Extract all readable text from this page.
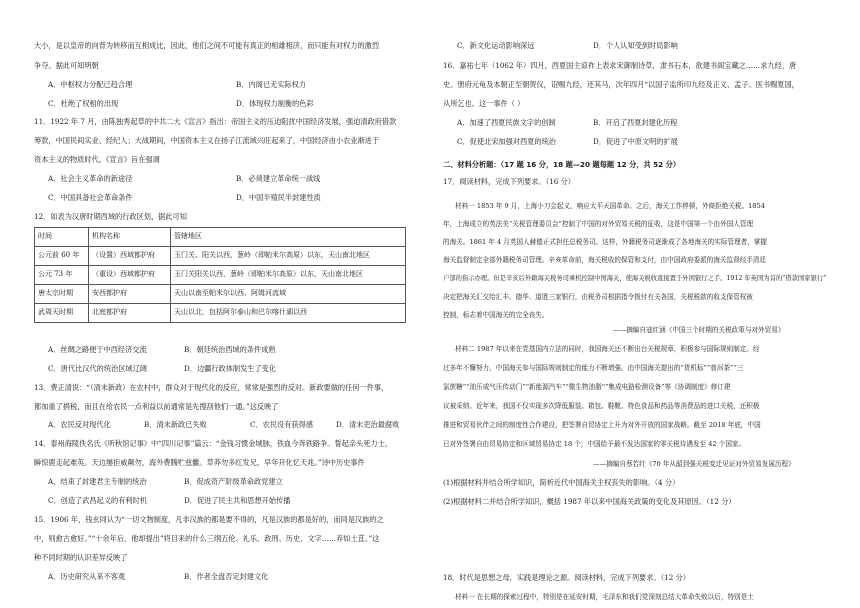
大小，是以皇帝的向背为转移而互相成比，因此，他们之间不可能有真正的相雄相济，而只能有对权力的激烈
争夺。据此可知明朝
A．中枢权力分配已趋合理	B．内阁已无实际权力
C．杜绝了权相的出现	D．体现权力制衡的色彩
11．1922 年 7 月，由陈独秀起草的中共二大《宣言》指出：帝国主义的压迫阻扰中国经济发展，强迫清政府借款
筹款，中国民间实业、经纪人；大战期间，中国资本主义在扬子江流域兴旺起来了，中国经济由小农业渐进于
资本主义的物质时代。《宣言》旨在强调
A．社会主义革命的新途径	B．必须建立革命统一战线
C．中国具备社会革命条件	D．中国半殖民半封建性质
12．如表为汉唐时期西域的行政区划，据此可知
时间	机构名称	管辖地区
公元前 60 年	（设置）西域都护府	玉门关、阳关以西，葱岭（即帕米尔高原）以东，天山南北地区
公元 73 年	（重设）西域都护府	玉门关阳关以西，葱岭（即帕米尔高原）以东，天山南北地区
唐太宗时期	安西都护府	天山以南至帕米尔以西、阿姆河流域
武周天时期	北庭都护府	天山以北，包括阿尔泰山和巴尔喀什湖以西
A．丝绸之路便于中西经济交流	B．朝廷统治西域的条件成熟
C．唐代比汉代的统治区域辽阔	D．边疆行政体制发生了变化
13．费正清说：“（清末新政）在农村中，群众对于现代化的反应，常常是强烈的反对。新政要做的任何一件事，
都加重了捐税，而且在给农民一点利益以前通常是先搜刮他们一通。”这反映了
A．农民反对现代化	B．清末新政已失败	C．农民没有获得感	D．清末吏治最腐败
14．泰州海陵佚名氏《听秋馆记事》中“四川记事”篇云：“金钱习惯金城脉，铁血今奔铁路争。誓起亲头死力士，
瞬惊鹿走起难英。天边屡拒威颠勿，海外费腾贮兹雠。草莽勿多红发兄，早年开化忆天兆。”诗中历史事件
A．结束了封建君主专制的统治	B．促成资产阶级革命政党建立
C．创造了武昌起义的有利时机	D．促进了民主共和思想开始传播
15．1906 年，钱玄同认为“一切文物制度，凡非汉族的都是要不得的，凡是汉族的都是好的，而同是汉族的之
中，则愈古愈好。”“十余年后，他却提出”将目来的什么三纲五伦、礼乐、政刑、历史、文字……弃如土苴。”这
种不同时期的认识差异反映了
A．历史研究从来不客观	B．作者全盘否定封建文化
C．新文化运动影响深远	D．个人认知受到时局影响
16．嘉祐七年（1062 年）四月，西夏国主谅祚上表求宋御制诗草，隶书石本，欲建书阁宝藏之……求九经、唐
史、册府元龟及本朝正至朝贺仪，诏赐九经，还其马，次年四月“以国子监所印九经及正义、孟子、医书赐夏国，
从所乞也。这一事件（ ）
A．加速了西夏民族文字的创制	B．开启了西夏封建化历程
C．促使北宋加强对西夏的统治	D．促进了中原文明的扩展
二、材料分析题：（17 题 16 分，18 题—20 题每题 12 分，共 52 分）
17．阅读材料，完成下列要求。（16 分）
材料一 1853 年 9 月，上海小刀会起义，响应太平天国革命。之后，海关工作停顿，外商拒绝关税。1854
年，上海成立的英法美“关税管理委员会”控制了中国的对外贸易关税的征收，这是中国第一个由外国人管理
的海关。1861 年 4 月英国人赫德正式担任总税务司。这样，外籍税务司逐渐成了各地海关的实际管理者，掌握
海关监督制定全部外籍税务司管理。辛亥革命前，海关税收的保管和支付，由中国政府委派的海关监督经手清廷
户部的指示办理。但是辛亥后外籍海关税务司乘机控制中国海关，使海关税收直接置于外国银行之手。1912 年英国为首的“借款国家银行”
决定把海关汇交给汇丰、德华、道胜三家银行，由税务司根据指令拨付有关各国，关税税款的收支保管权被
控制，标志着中国海关的完全丧失。
——摘编自寇红涵《中国三个时期的关税政策与对外贸易》
材料二 1987 年以来在党基国内立法的同时，我国海关还不断出台关税规章，积极参与国际规则制定。经
过多年不懈努力，中国海关参与国际规则制定的能力不断增强。由中国海关提出的“货机标”“普洱茶”“三
氯蔗糖”“油压或气压传动门”“新能源汽车”“微生物油脂”“集成电路检测设备”等《协调制度》修订建
议被采纳。近年来，我国不仅实现多次降低服装、箱包、鞋靴、特色食品和药品等消费品的进口关税，还积极
推进和贸易伙伴之间的制度性合作建设，把签署自贸协定上升为对外开放的国家战略。截至 2018 年底，中国
已对外签署自由贸易协定和区域贸易协定 18 个，中国给予最不发达国家的零关税待遇发至 42 个国家。
——摘编自蔡若红《70 年从韶到强关税变迁见证对外贸易发展历程》
(1)根据材料并结合所学知识，简析近代中国海关主权丧失的影响。（4 分）
(2)根据材料二并结合所学知识，概括 1987 年以来中国海关政策的变化及其原因。（12 分）
18．时代是思想之母，实践是理论之源。阅读材料，完成下列要求。（12 分）
材料一 在长期的探索过程中，特别是在延安时期，毛泽东和我们党深刻总结大革命失败以后，特别是土
